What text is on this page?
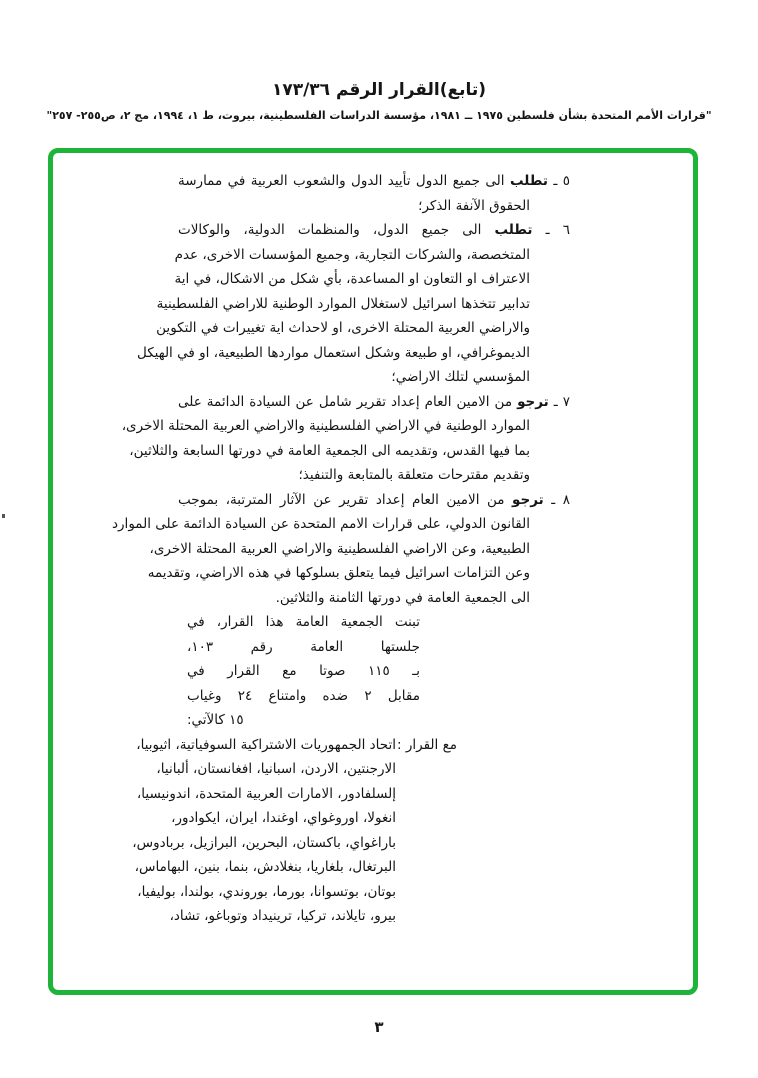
(تابع)القرار الرقم ١٧٣/٣٦
"قرارات الأمم المتحدة بشأن فلسطين ١٩٧٥ ــ ١٩٨١، مؤسسة الدراسات الفلسطينية، بيروت، ط ١، ١٩٩٤، مج ٢، ص٢٥٥- ٢٥٧"
٥ ـ تطلب الى جميع الدول تأييد الدول والشعوب العربية في ممارسة
الحقوق الآنفة الذكر؛
٦ ـ تطلب الى جميع الدول، والمنظمات الدولية، والوكالات
المتخصصة، والشركات التجارية، وجميع المؤسسات الاخرى، عدم
الاعتراف او التعاون او المساعدة، بأي شكل من الاشكال، في اية
تدابير تتخذها اسرائيل لاستغلال الموارد الوطنية للاراضي الفلسطينية
والاراضي العربية المحتلة الاخرى، او لاحداث اية تغييرات في التكوين
الديموغرافي، او طبيعة وشكل استعمال مواردها الطبيعية، او في الهيكل
المؤسسي لتلك الاراضي؛
٧ ـ ترجو من الامين العام إعداد تقرير شامل عن السيادة الدائمة على
الموارد الوطنية في الاراضي الفلسطينية والاراضي العربية المحتلة الاخرى،
بما فيها القدس، وتقديمه الى الجمعية العامة في دورتها السابعة والثلاثين،
وتقديم مقترحات متعلقة بالمتابعة والتنفيذ؛
٨ ـ ترجو من الامين العام إعداد تقرير عن الآثار المترتبة، بموجب
القانون الدولي، على قرارات الامم المتحدة عن السيادة الدائمة على الموارد
الطبيعية، وعن الاراضي الفلسطينية والاراضي العربية المحتلة الاخرى،
وعن التزامات اسرائيل فيما يتعلق بسلوكها في هذه الاراضي، وتقديمه
الى الجمعية العامة في دورتها الثامنة والثلاثين.
تبنت الجمعية العامة هذا القرار، في
جلستها العامة رقم ١٠٣،
بـ ١١٥ صوتا مع القرار في
مقابل ٢ ضده وامتناع ٢٤ وغياب
١٥ كالآتي:
مع القرار :
اتحاد الجمهوريات الاشتراكية السوفياتية، اثيوبيا،
الارجنتين، الاردن، اسبانيا، افغانستان، ألبانيا،
إلسلفادور، الامارات العربية المتحدة، اندونيسيا،
انغولا، اوروغواي، اوغندا، ايران، ايكوادور،
باراغواي، باكستان، البحرين، البرازيل، بربادوس،
البرتغال، بلغاريا، بنغلادش، بنما، بنين، البهاماس،
بوتان، بوتسوانا، بورما، بوروندي، بولندا، بوليفيا،
بيرو، تايلاند، تركيا، ترينيداد وتوباغو، تشاد،
٣
